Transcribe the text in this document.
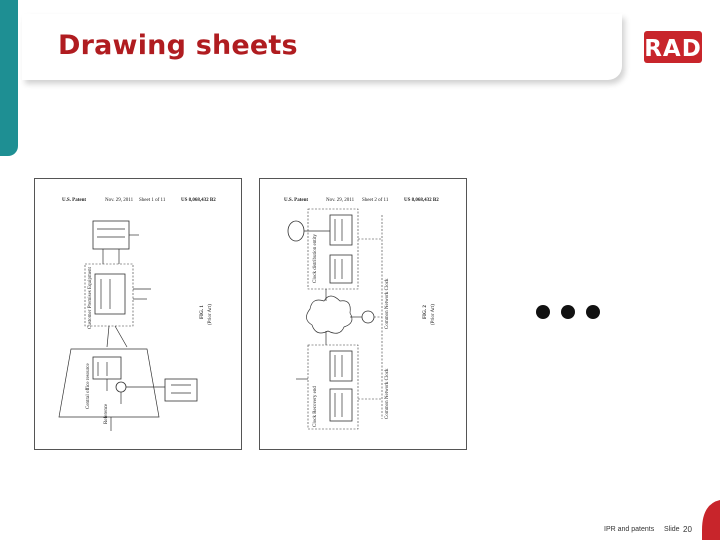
Drawing sheets	RAD
U.S. Patent	Nov. 29, 2011 Sheet 1 of 11	US 8,068,432 B2
Customer Premises Equipment
Central office resource
Reference
FIG. 1 (Prior Art)
U.S. Patent	Nov. 29, 2011 Sheet 2 of 11	US 8,068,432 B2
Clock distribution entity
Clock Recovery end
Common Network Clock
Common Network Clock
FIG. 2 (Prior Art)
IPR and patents Slide 20
